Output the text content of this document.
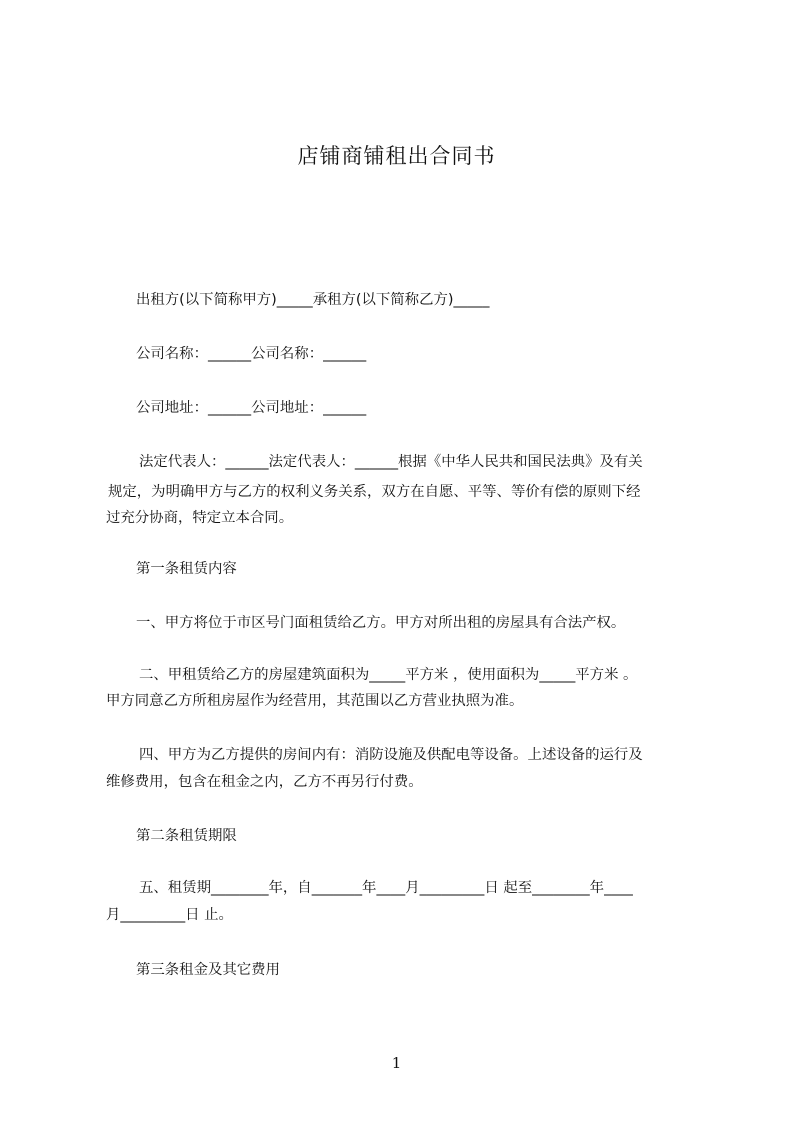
店铺商铺租出合同书
出租方(以下简称甲方)_____承租方(以下简称乙方)_____
公司名称：______公司名称：______
公司地址：______公司地址：______
法定代表人：______法定代表人：______根据《中华人民共和国民法典》及有关
规定，为明确甲方与乙方的权利义务关系，双方在自愿、平等、等价有偿的原则下经
过充分协商，特定立本合同。
第一条租赁内容
一、甲方将位于市区号门面租赁给乙方。甲方对所出租的房屋具有合法产权。
二、甲租赁给乙方的房屋建筑面积为_____平方米 ，使用面积为_____平方米 。
甲方同意乙方所租房屋作为经营用，其范围以乙方营业执照为准。
四、甲方为乙方提供的房间内有：消防设施及供配电等设备。上述设备的运行及
维修费用，包含在租金之内，乙方不再另行付费。
第二条租赁期限
五、租赁期________年，自_______年____月_________日 起至________年____
月_________日 止。
第三条租金及其它费用
1
